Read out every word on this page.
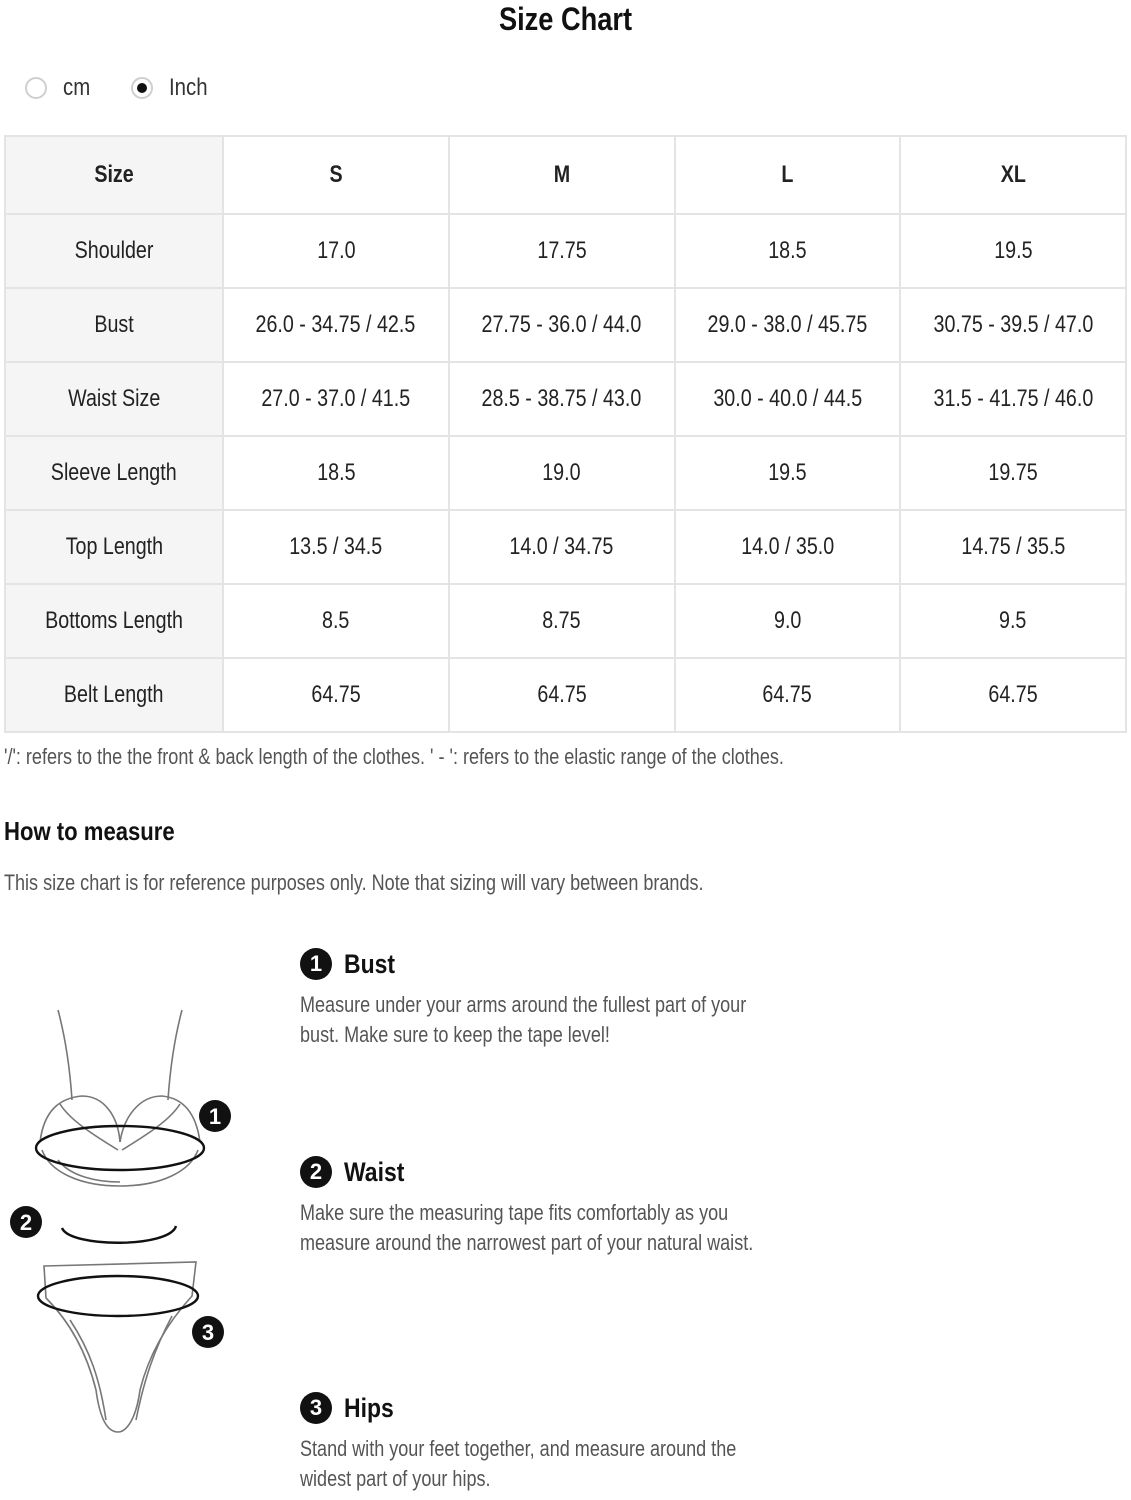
Size Chart
cm	Inch
Size	S	M	L	XL
Shoulder	17.0	17.75	18.5	19.5
Bust	26.0 - 34.75 / 42.5	27.75 - 36.0 / 44.0	29.0 - 38.0 / 45.75	30.75 - 39.5 / 47.0
Waist Size	27.0 - 37.0 / 41.5	28.5 - 38.75 / 43.0	30.0 - 40.0 / 44.5	31.5 - 41.75 / 46.0
Sleeve Length	18.5	19.0	19.5	19.75
Top Length	13.5 / 34.5	14.0 / 34.75	14.0 / 35.0	14.75 / 35.5
Bottoms Length	8.5	8.75	9.0	9.5
Belt Length	64.75	64.75	64.75	64.75
'/': refers to the the front & back length of the clothes. ' - ': refers to the elastic range of the clothes.
How to measure
This size chart is for reference purposes only. Note that sizing will vary between brands.
1
2
3
1 Bust
Measure under your arms around the fullest part of your bust. Make sure to keep the tape level!
2 Waist
Make sure the measuring tape fits comfortably as you measure around the narrowest part of your natural waist.
3 Hips
Stand with your feet together, and measure around the widest part of your hips.
